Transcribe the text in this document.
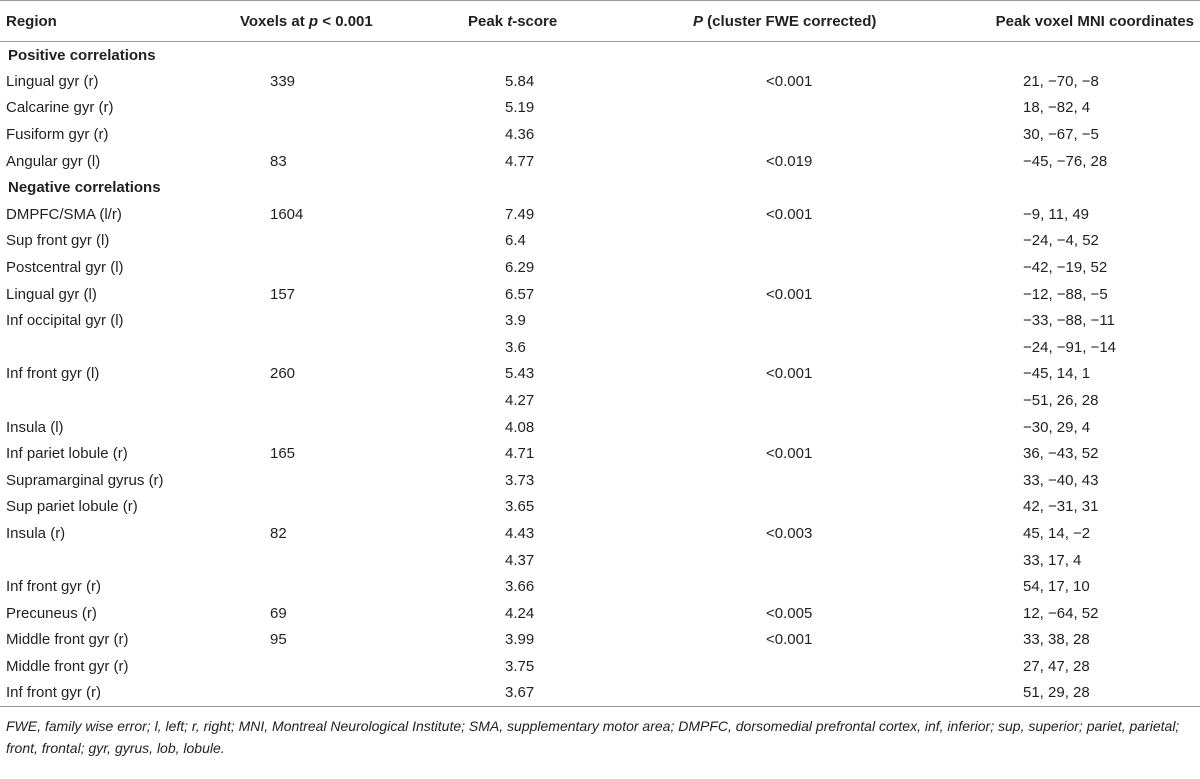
Region	Voxels at p < 0.001	Peak t-score	P (cluster FWE corrected)	Peak voxel MNI coordinates
Positive correlations				
Lingual gyr (r)	339	5.84	<0.001	21, −70, −8
Calcarine gyr (r)		5.19		18, −82, 4
Fusiform gyr (r)		4.36		30, −67, −5
Angular gyr (l)	83	4.77	<0.019	−45, −76, 28
Negative correlations				
DMPFC/SMA (l/r)	1604	7.49	<0.001	−9, 11, 49
Sup front gyr (l)		6.4		−24, −4, 52
Postcentral gyr (l)		6.29		−42, −19, 52
Lingual gyr (l)	157	6.57	<0.001	−12, −88, −5
Inf occipital gyr (l)		3.9		−33, −88, −11
		3.6		−24, −91, −14
Inf front gyr (l)	260	5.43	<0.001	−45, 14, 1
		4.27		−51, 26, 28
Insula (l)		4.08		−30, 29, 4
Inf pariet lobule (r)	165	4.71	<0.001	36, −43, 52
Supramarginal gyrus (r)		3.73		33, −40, 43
Sup pariet lobule (r)		3.65		42, −31, 31
Insula (r)	82	4.43	<0.003	45, 14, −2
		4.37		33, 17, 4
Inf front gyr (r)		3.66		54, 17, 10
Precuneus (r)	69	4.24	<0.005	12, −64, 52
Middle front gyr (r)	95	3.99	<0.001	33, 38, 28
Middle front gyr (r)		3.75		27, 47, 28
Inf front gyr (r)		3.67		51, 29, 28
FWE, family wise error; l, left; r, right; MNI, Montreal Neurological Institute; SMA, supplementary motor area; DMPFC, dorsomedial prefrontal cortex, inf, inferior; sup, superior; pariet, parietal; front, frontal; gyr, gyrus, lob, lobule.
